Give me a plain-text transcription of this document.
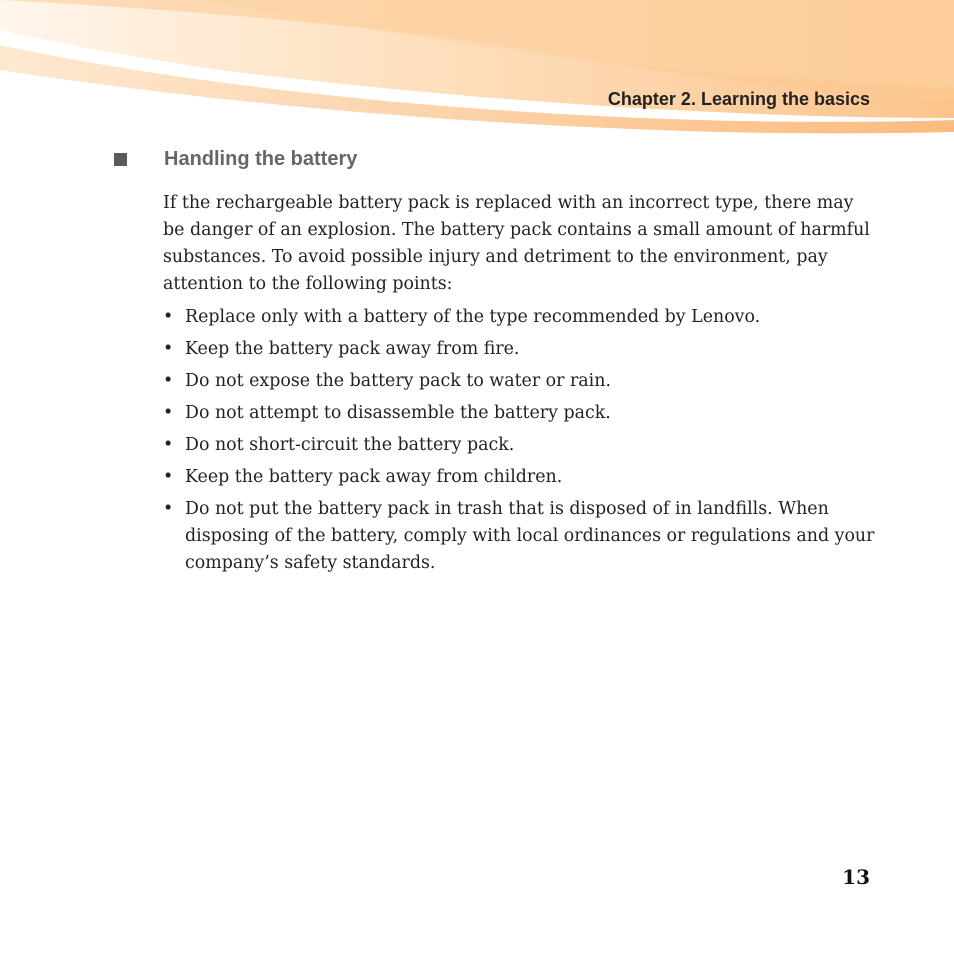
Chapter 2. Learning the basics
Handling the battery

If the rechargeable battery pack is replaced with an incorrect type, there may be danger of an explosion. The battery pack contains a small amount of harmful substances. To avoid possible injury and detriment to the environment, pay attention to the following points:

• Replace only with a battery of the type recommended by Lenovo.
• Keep the battery pack away from fire.
• Do not expose the battery pack to water or rain.
• Do not attempt to disassemble the battery pack.
• Do not short-circuit the battery pack.
• Keep the battery pack away from children.
• Do not put the battery pack in trash that is disposed of in landfills. When disposing of the battery, comply with local ordinances or regulations and your company’s safety standards.
13
